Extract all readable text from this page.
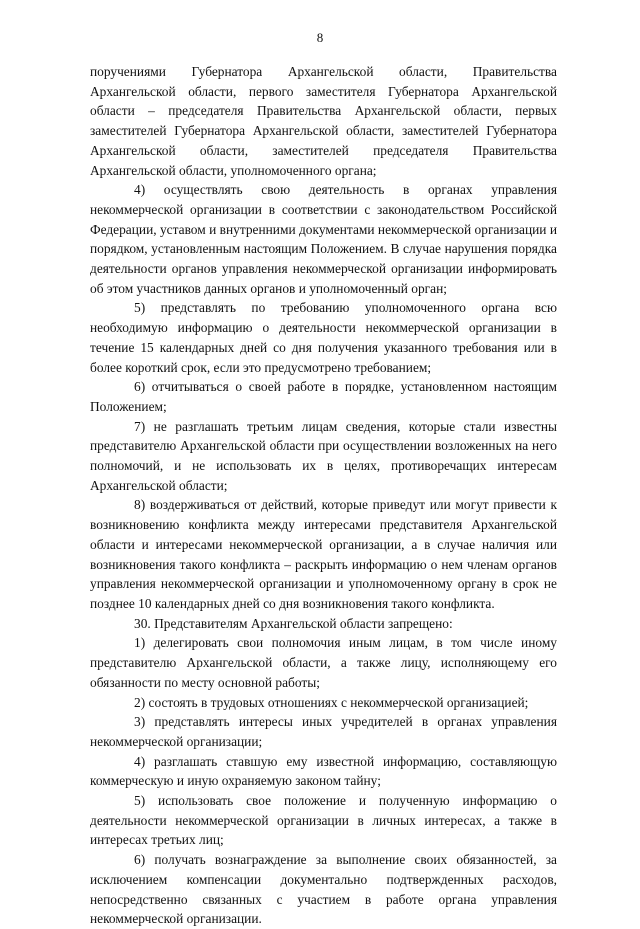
8

поручениями Губернатора Архангельской области, Правительства Архангельской области, первого заместителя Губернатора Архангельской области – председателя Правительства Архангельской области, первых заместителей Губернатора Архангельской области, заместителей Губернатора Архангельской области, заместителей председателя Правительства Архангельской области, уполномоченного органа;

4) осуществлять свою деятельность в органах управления некоммерческой организации в соответствии с законодательством Российской Федерации, уставом и внутренними документами некоммерческой организации и порядком, установленным настоящим Положением. В случае нарушения порядка деятельности органов управления некоммерческой организации информировать об этом участников данных органов и уполномоченный орган;

5) представлять по требованию уполномоченного органа всю необходимую информацию о деятельности некоммерческой организации в течение 15 календарных дней со дня получения указанного требования или в более короткий срок, если это предусмотрено требованием;

6) отчитываться о своей работе в порядке, установленном настоящим Положением;

7) не разглашать третьим лицам сведения, которые стали известны представителю Архангельской области при осуществлении возложенных на него полномочий, и не использовать их в целях, противоречащих интересам Архангельской области;

8) воздерживаться от действий, которые приведут или могут привести к возникновению конфликта между интересами представителя Архангельской области и интересами некоммерческой организации, а в случае наличия или возникновения такого конфликта – раскрыть информацию о нем членам органов управления некоммерческой организации и уполномоченному органу в срок не позднее 10 календарных дней со дня возникновения такого конфликта.

30. Представителям Архангельской области запрещено:

1) делегировать свои полномочия иным лицам, в том числе иному представителю Архангельской области, а также лицу, исполняющему его обязанности по месту основной работы;

2) состоять в трудовых отношениях с некоммерческой организацией;

3) представлять интересы иных учредителей в органах управления некоммерческой организации;

4) разглашать ставшую ему известной информацию, составляющую коммерческую и иную охраняемую законом тайну;

5) использовать свое положение и полученную информацию о деятельности некоммерческой организации в личных интересах, а также в интересах третьих лиц;

6) получать вознаграждение за выполнение своих обязанностей, за исключением компенсации документально подтвержденных расходов, непосредственно связанных с участием в работе органа управления некоммерческой организации.
